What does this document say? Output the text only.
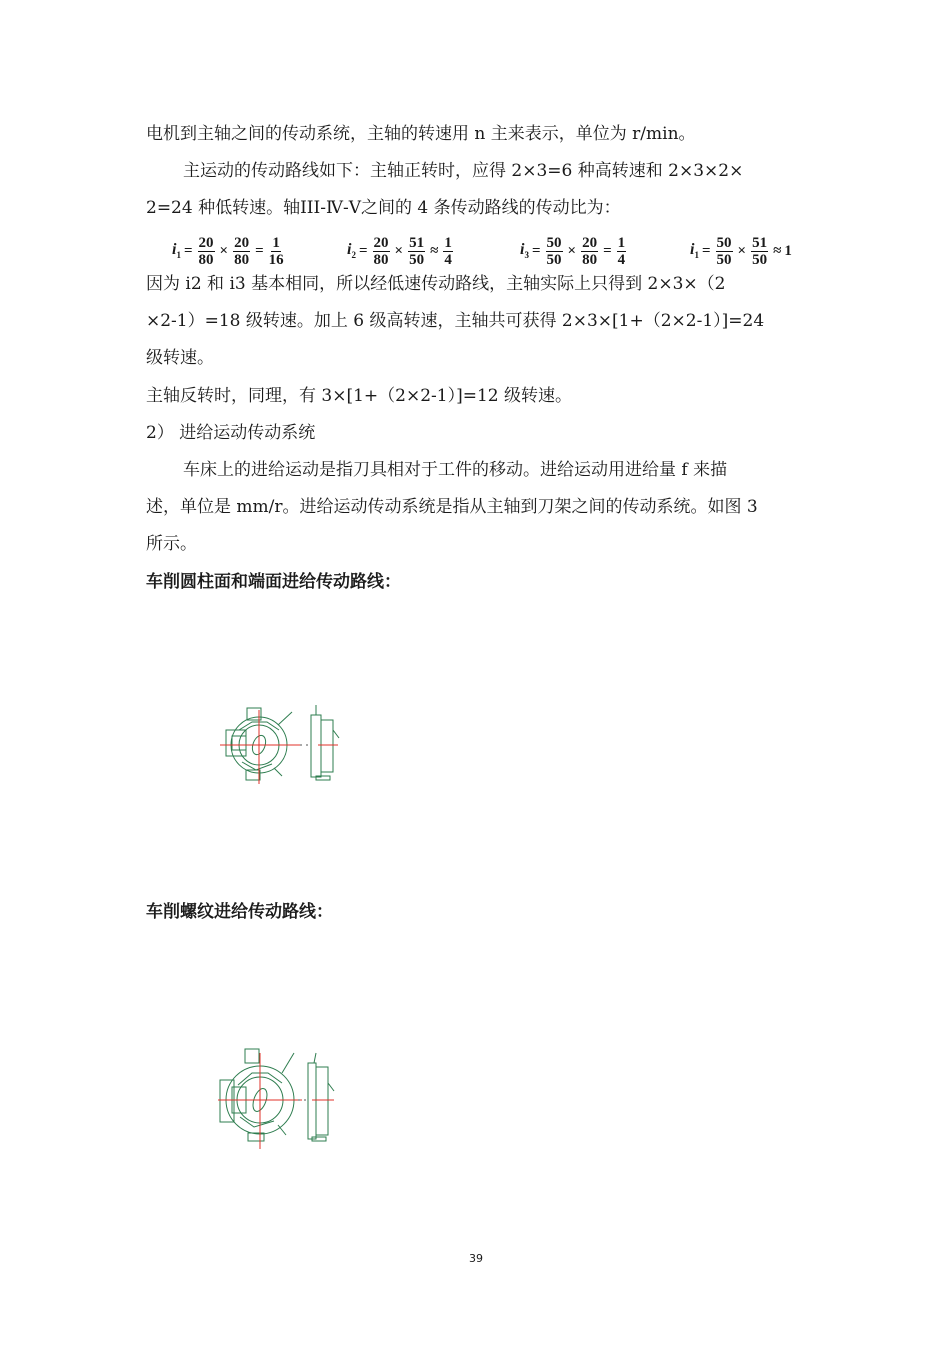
电机到主轴之间的传动系统，主轴的转速用 n 主来表示，单位为 r/min。
主运动的传动路线如下：主轴正转时，应得 2×3=6 种高转速和 2×3×2×
2=24 种低转速。轴III-Ⅳ-Ⅴ之间的 4 条传动路线的传动比为：
$i_1 = \frac{20}{80} \times \frac{20}{80} = \frac{1}{16}$	$i_2 = \frac{20}{80} \times \frac{51}{50} \approx \frac{1}{4}$	$i_3 = \frac{50}{50} \times \frac{20}{80} = \frac{1}{4}$	$i_1 = \frac{50}{50} \times \frac{51}{50} \approx 1$
因为 i2 和 i3 基本相同，所以经低速传动路线，主轴实际上只得到 2×3×（2
×2-1）=18 级转速。加上 6 级高转速，主轴共可获得 2×3×[1+（2×2-1）]=24
级转速。
主轴反转时，同理，有 3×[1+（2×2-1）]=12 级转速。
2） 进给运动传动系统
车床上的进给运动是指刀具相对于工件的移动。进给运动用进给量 f 来描
述，单位是 mm/r。进给运动传动系统是指从主轴到刀架之间的传动系统。如图 3
所示。
车削圆柱面和端面进给传动路线：
车削螺纹进给传动路线：
39
